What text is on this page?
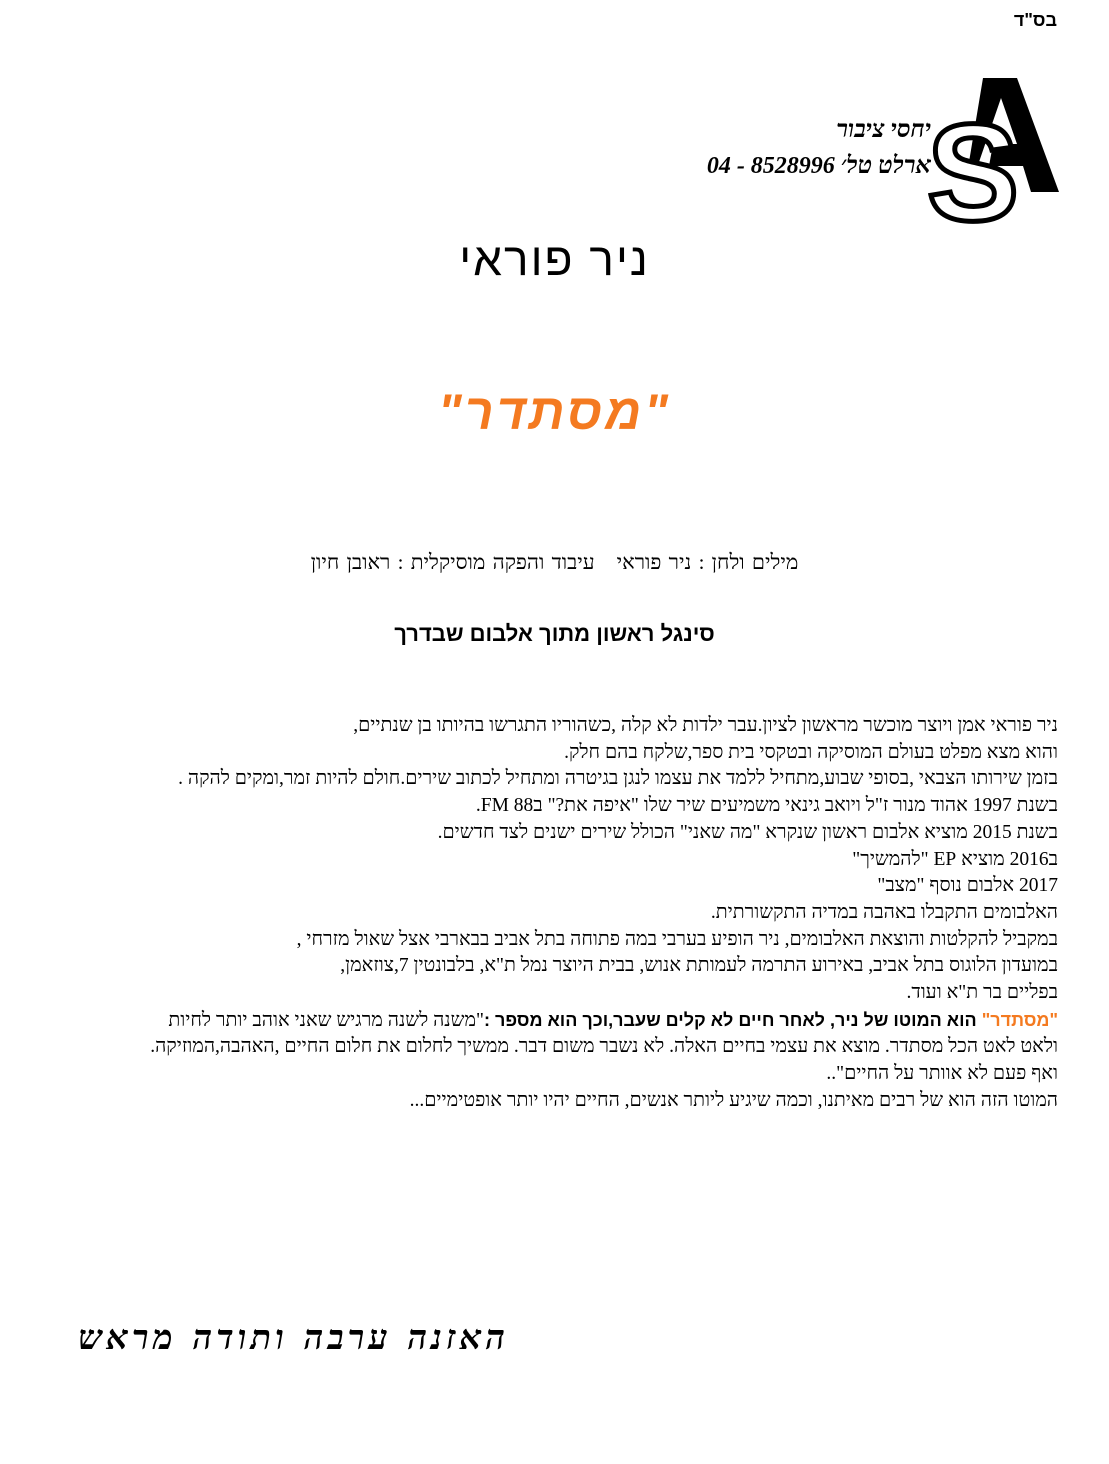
בס"ד
S
יחסי ציבור
ארלט טל׳ 04 - 8528996
ניר פוראי
"מסתדר"
מילים ולחן : ניר פוראיעיבוד והפקה מוסיקלית : ראובן חיון
סינגל ראשון מתוך אלבום שבדרך

ניר פוראי אמן ויוצר מוכשר מראשון לציון.עבר ילדות לא קלה ,כשהוריו התגרשו בהיותו בן שנתיים,

והוא מצא מפלט בעולם המוסיקה ובטקסי בית ספר,שלקח בהם חלק.

בזמן שירותו הצבאי ,בסופי שבוע,מתחיל ללמד את עצמו לנגן בגיטרה ומתחיל לכתוב שירים.חולם להיות זמר,ומקים להקה .

בשנת 1997 אהוד מנור ז"ל ויואב גינאי משמיעים שיר שלו "איפה את?" ב88 FM.

בשנת 2015 מוציא אלבום ראשון שנקרא "מה שאני" הכולל שירים ישנים לצד חדשים.

ב2016 מוציא EP "להמשיך"

2017 אלבום נוסף "מצב"

האלבומים התקבלו באהבה במדיה התקשורתית.

במקביל להקלטות והוצאת האלבומים, ניר הופיע בערבי במה פתוחה בתל אביב בבארבי אצל שאול מזרחי ,

במועדון הלוגוס בתל אביב, באירוע התרמה לעמותת אנוש, בבית היוצר נמל ת"א, בלבונטין 7,צוזאמן,

בפליים בר ת"א ועוד.

"מסתדר" הוא המוטו של ניר, לאחר חיים לא קלים שעבר,וכך הוא מספר :"משנה לשנה מרגיש שאני אוהב יותר לחיות

ולאט לאט הכל מסתדר. מוצא את עצמי בחיים האלה. לא נשבר משום דבר. ממשיך לחלום את חלום החיים ,האהבה,המוזיקה.

ואף פעם לא אוותר על החיים"..

המוטו הזה הוא של רבים מאיתנו, וכמה שיגיע ליותר אנשים, החיים יהיו יותר אופטימיים...

האזנה ערבה ותודה מראש
